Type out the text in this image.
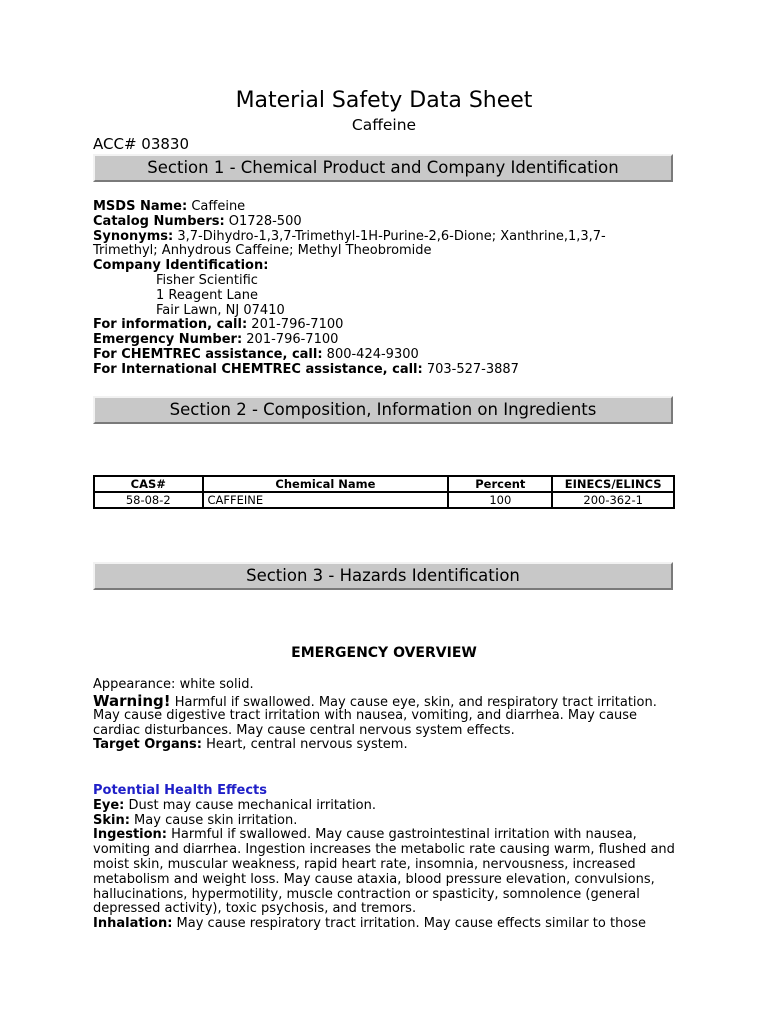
Material Safety Data Sheet
Caffeine
ACC# 03830
Section 1 - Chemical Product and Company Identification
MSDS Name: Caffeine
Catalog Numbers: O1728-500
Synonyms: 3,7-Dihydro-1,3,7-Trimethyl-1H-Purine-2,6-Dione; Xanthrine,1,3,7-
Trimethyl; Anhydrous Caffeine; Methyl Theobromide
Company Identification:
Fisher Scientific
1 Reagent Lane
Fair Lawn, NJ 07410
For information, call: 201-796-7100
Emergency Number: 201-796-7100
For CHEMTREC assistance, call: 800-424-9300
For International CHEMTREC assistance, call: 703-527-3887
Section 2 - Composition, Information on Ingredients
CAS#	Chemical Name	Percent	EINECS/ELINCS
58-08-2	CAFFEINE	100	200-362-1
Section 3 - Hazards Identification
EMERGENCY OVERVIEW
Appearance: white solid.
Warning! Harmful if swallowed. May cause eye, skin, and respiratory tract irritation.
May cause digestive tract irritation with nausea, vomiting, and diarrhea. May cause
cardiac disturbances. May cause central nervous system effects.
Target Organs: Heart, central nervous system.
Potential Health Effects
Eye: Dust may cause mechanical irritation.
Skin: May cause skin irritation.
Ingestion: Harmful if swallowed. May cause gastrointestinal irritation with nausea,
vomiting and diarrhea. Ingestion increases the metabolic rate causing warm, flushed and
moist skin, muscular weakness, rapid heart rate, insomnia, nervousness, increased
metabolism and weight loss. May cause ataxia, blood pressure elevation, convulsions,
hallucinations, hypermotility, muscle contraction or spasticity, somnolence (general
depressed activity), toxic psychosis, and tremors.
Inhalation: May cause respiratory tract irritation. May cause effects similar to those
